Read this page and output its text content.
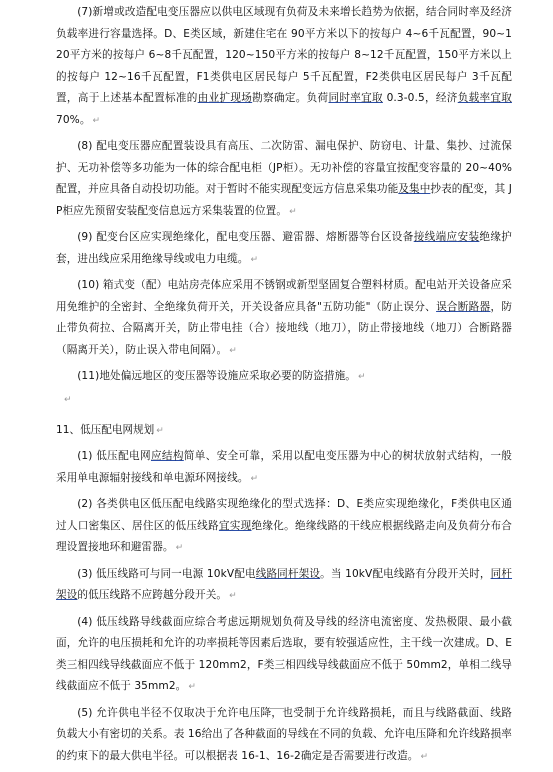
(7)新增或改造配电变压器应以供电区域现有负荷及未来增长趋势为依据，结合同时率及经济负载率进行容量选择。D、E类区域，新建住宅在 90平方米以下的按每户 4~6千瓦配置，90~120平方米的按每户 6~8千瓦配置，120~150平方米的按每户 8~12千瓦配置，150平方米以上的按每户 12~16千瓦配置，F1类供电区居民每户 5千瓦配置，F2类供电区居民每户 3千瓦配置，高于上述基本配置标准的由业扩现场勘察确定。负荷同时率宜取 0.3-0.5，经济负载率宜取 70%。 ↵

(8) 配电变压器应配置装设具有高压、二次防雷、漏电保护、防窃电、计量、集抄、过流保护、无功补偿等多功能为一体的综合配电柜（JP柜）。无功补偿的容量宜按配变容量的 20~40%配置，并应具备自动投切功能。对于暂时不能实现配变远方信息采集功能及集中抄表的配变，其 JP柜应先预留安装配变信息远方采集装置的位置。 ↵

(9) 配变台区应实现绝缘化，配电变压器、避雷器、熔断器等台区设备接线端应安装绝缘护套，进出线应采用绝缘导线或电力电缆。 ↵

(10) 箱式变（配）电站房壳体应采用不锈钢或新型坚固复合塑料材质。配电站开关设备应采用免维护的全密封、全绝缘负荷开关，开关设备应具备"五防功能"（防止误分、误合断路器，防止带负荷拉、合隔离开关，防止带电挂（合）接地线（地刀），防止带接地线（地刀）合断路器（隔离开关），防止误入带电间隔）。 ↵

(11)地处偏远地区的变压器等设施应采取必要的防盗措施。 ↵

↵

11、低压配电网规划 ↵

(1) 低压配电网应结构简单、安全可靠，采用以配电变压器为中心的树状放射式结构，一般采用单电源辐射接线和单电源环网接线。 ↵

(2) 各类供电区低压配电线路实现绝缘化的型式选择：D、E类应实现绝缘化，F类供电区通过人口密集区、居住区的低压线路宜实现绝缘化。绝缘线路的干线应根据线路走向及负荷分布合理设置接地环和避雷器。 ↵

(3) 低压线路可与同一电源 10kV配电线路同杆架设。当 10kV配电线路有分段开关时，同杆架设的低压线路不应跨越分段开关。 ↵

(4) 低压线路导线截面应综合考虑远期规划负荷及导线的经济电流密度、发热极限、最小截面，允许的电压损耗和允许的功率损耗等因素后选取，要有较强适应性，主干线一次建成。D、E类三相四线导线截面应不低于 120mm2，F类三相四线导线截面应不低于 50mm2，单相二线导线截面应不低于 35mm2。 ↵

(5) 允许供电半径不仅取决于允许电压降，也受制于允许线路损耗，而且与线路截面、线路负载大小有密切的关系。表 16给出了各种截面的导线在不同的负载、允许电压降和允许线路损率的约束下的最大供电半径。可以根据表 16-1、16-2确定是否需要进行改造。 ↵
